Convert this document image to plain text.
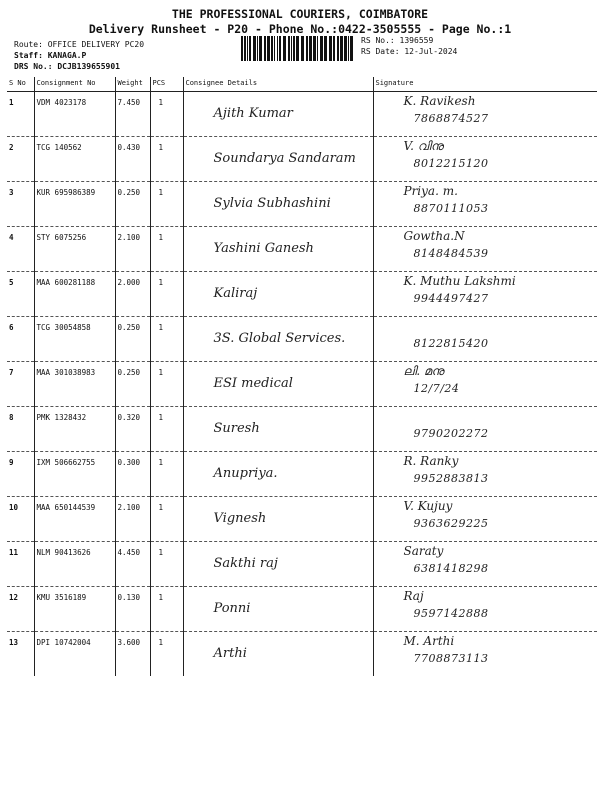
THE PROFESSIONAL COURIERS, COIMBATORE
Delivery Runsheet - P20 - Phone No.:0422-3505555 - Page No.:1
Route: OFFICE DELIVERY PC20
Staff: KANAGA.P
DRS No.: DCJB139655901
RS No.: 1396559
RS Date: 12-Jul-2024
S No	Consignment No	Weight	PCS	Consignee Details	Signature
1	VDM 4023178	7.450	1	Ajith Kumar	K. Ravikesh
7868874527

2	TCG 140562	0.430	1	Soundarya Sandaram	V. വിനു
8012215120

3	KUR 695986389	0.250	1	Sylvia Subhashini	Priya. m.
8870111053

4	STY 6075256	2.100	1	Yashini Ganesh	Gowtha.N
8148484539

5	MAA 600281188	2.000	1	Kaliraj	K. Muthu Lakshmi
9944497427

6	TCG 30054858	0.250	1	3S. Global Services.	8122815420

7	MAA 301038983	0.250	1	ESI medical	ലി. മനു
12/7/24

8	PMK 1328432	0.320	1	Suresh	9790202272

9	IXM 506662755	0.300	1	Anupriya.	R. Ranky
9952883813

10	MAA 650144539	2.100	1	Vignesh	V. Kujuy
9363629225

11	NLM 90413626	4.450	1	Sakthi raj	Saraty
6381418298

12	KMU 3516189	0.130	1	Ponni	Raj
9597142888

13	DPI 10742004	3.600	1	Arthi	M. Arthi
7708873113
